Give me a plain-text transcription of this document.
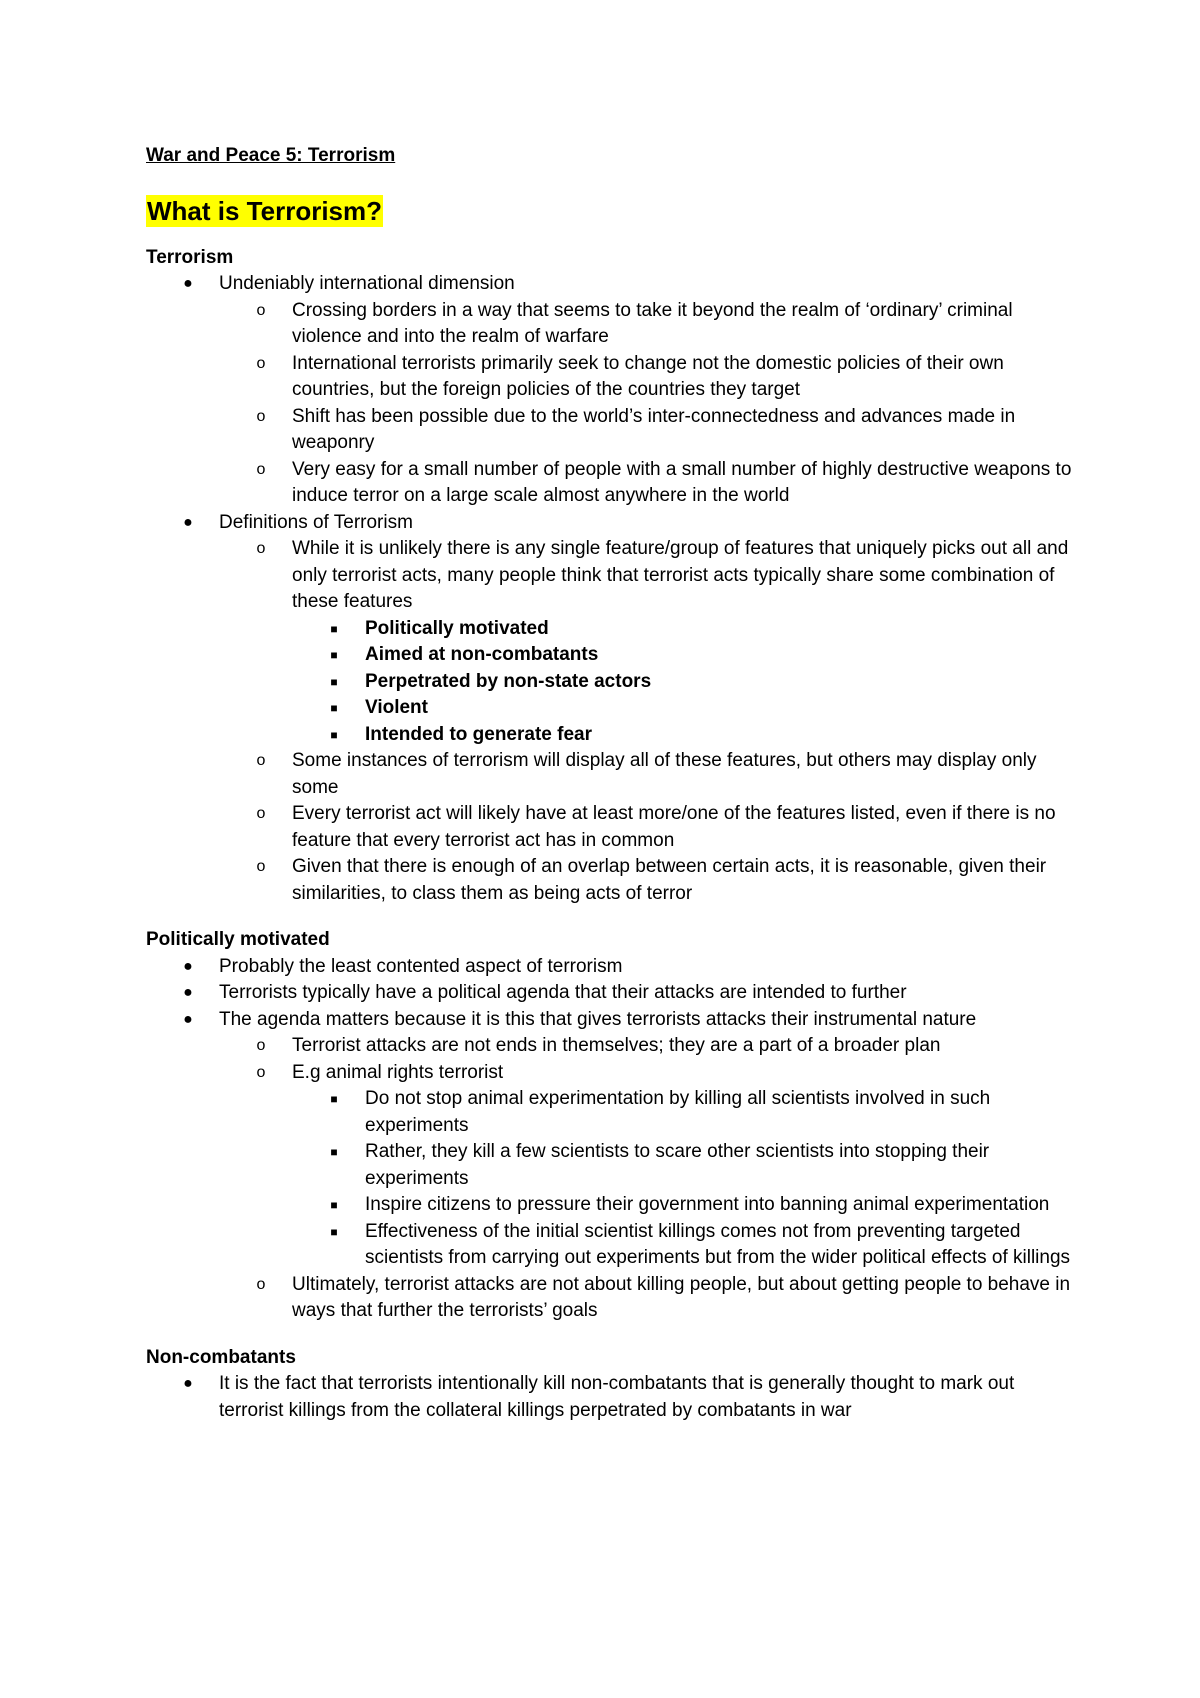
War and Peace 5: Terrorism

What is Terrorism?

Terrorism

● Undeniably international dimension
o Crossing borders in a way that seems to take it beyond the realm of ‘ordinary’ criminal violence and into the realm of warfare
o International terrorists primarily seek to change not the domestic policies of their own countries, but the foreign policies of the countries they target
o Shift has been possible due to the world’s inter-connectedness and advances made in weaponry
o Very easy for a small number of people with a small number of highly destructive weapons to induce terror on a large scale almost anywhere in the world
● Definitions of Terrorism
o While it is unlikely there is any single feature/group of features that uniquely picks out all and only terrorist acts, many people think that terrorist acts typically share some combination of these features
■	Politically motivated
■	Aimed at non-combatants
■	Perpetrated by non-state actors
■	Violent
■	Intended to generate fear
o Some instances of terrorism will display all of these features, but others may display only some
o Every terrorist act will likely have at least more/one of the features listed, even if there is no feature that every terrorist act has in common
o Given that there is enough of an overlap between certain acts, it is reasonable, given their similarities, to class them as being acts of terror

Politically motivated

● Probably the least contented aspect of terrorism
● Terrorists typically have a political agenda that their attacks are intended to further
● The agenda matters because it is this that gives terrorists attacks their instrumental nature
o Terrorist attacks are not ends in themselves; they are a part of a broader plan
o E.g animal rights terrorist
■	Do not stop animal experimentation by killing all scientists involved in such experiments
■	Rather, they kill a few scientists to scare other scientists into stopping their experiments
■	Inspire citizens to pressure their government into banning animal experimentation
■	Effectiveness of the initial scientist killings comes not from preventing targeted scientists from carrying out experiments but from the wider political effects of killings
o Ultimately, terrorist attacks are not about killing people, but about getting people to behave in ways that further the terrorists’ goals

Non-combatants

● It is the fact that terrorists intentionally kill non-combatants that is generally thought to mark out terrorist killings from the collateral killings perpetrated by combatants in war
